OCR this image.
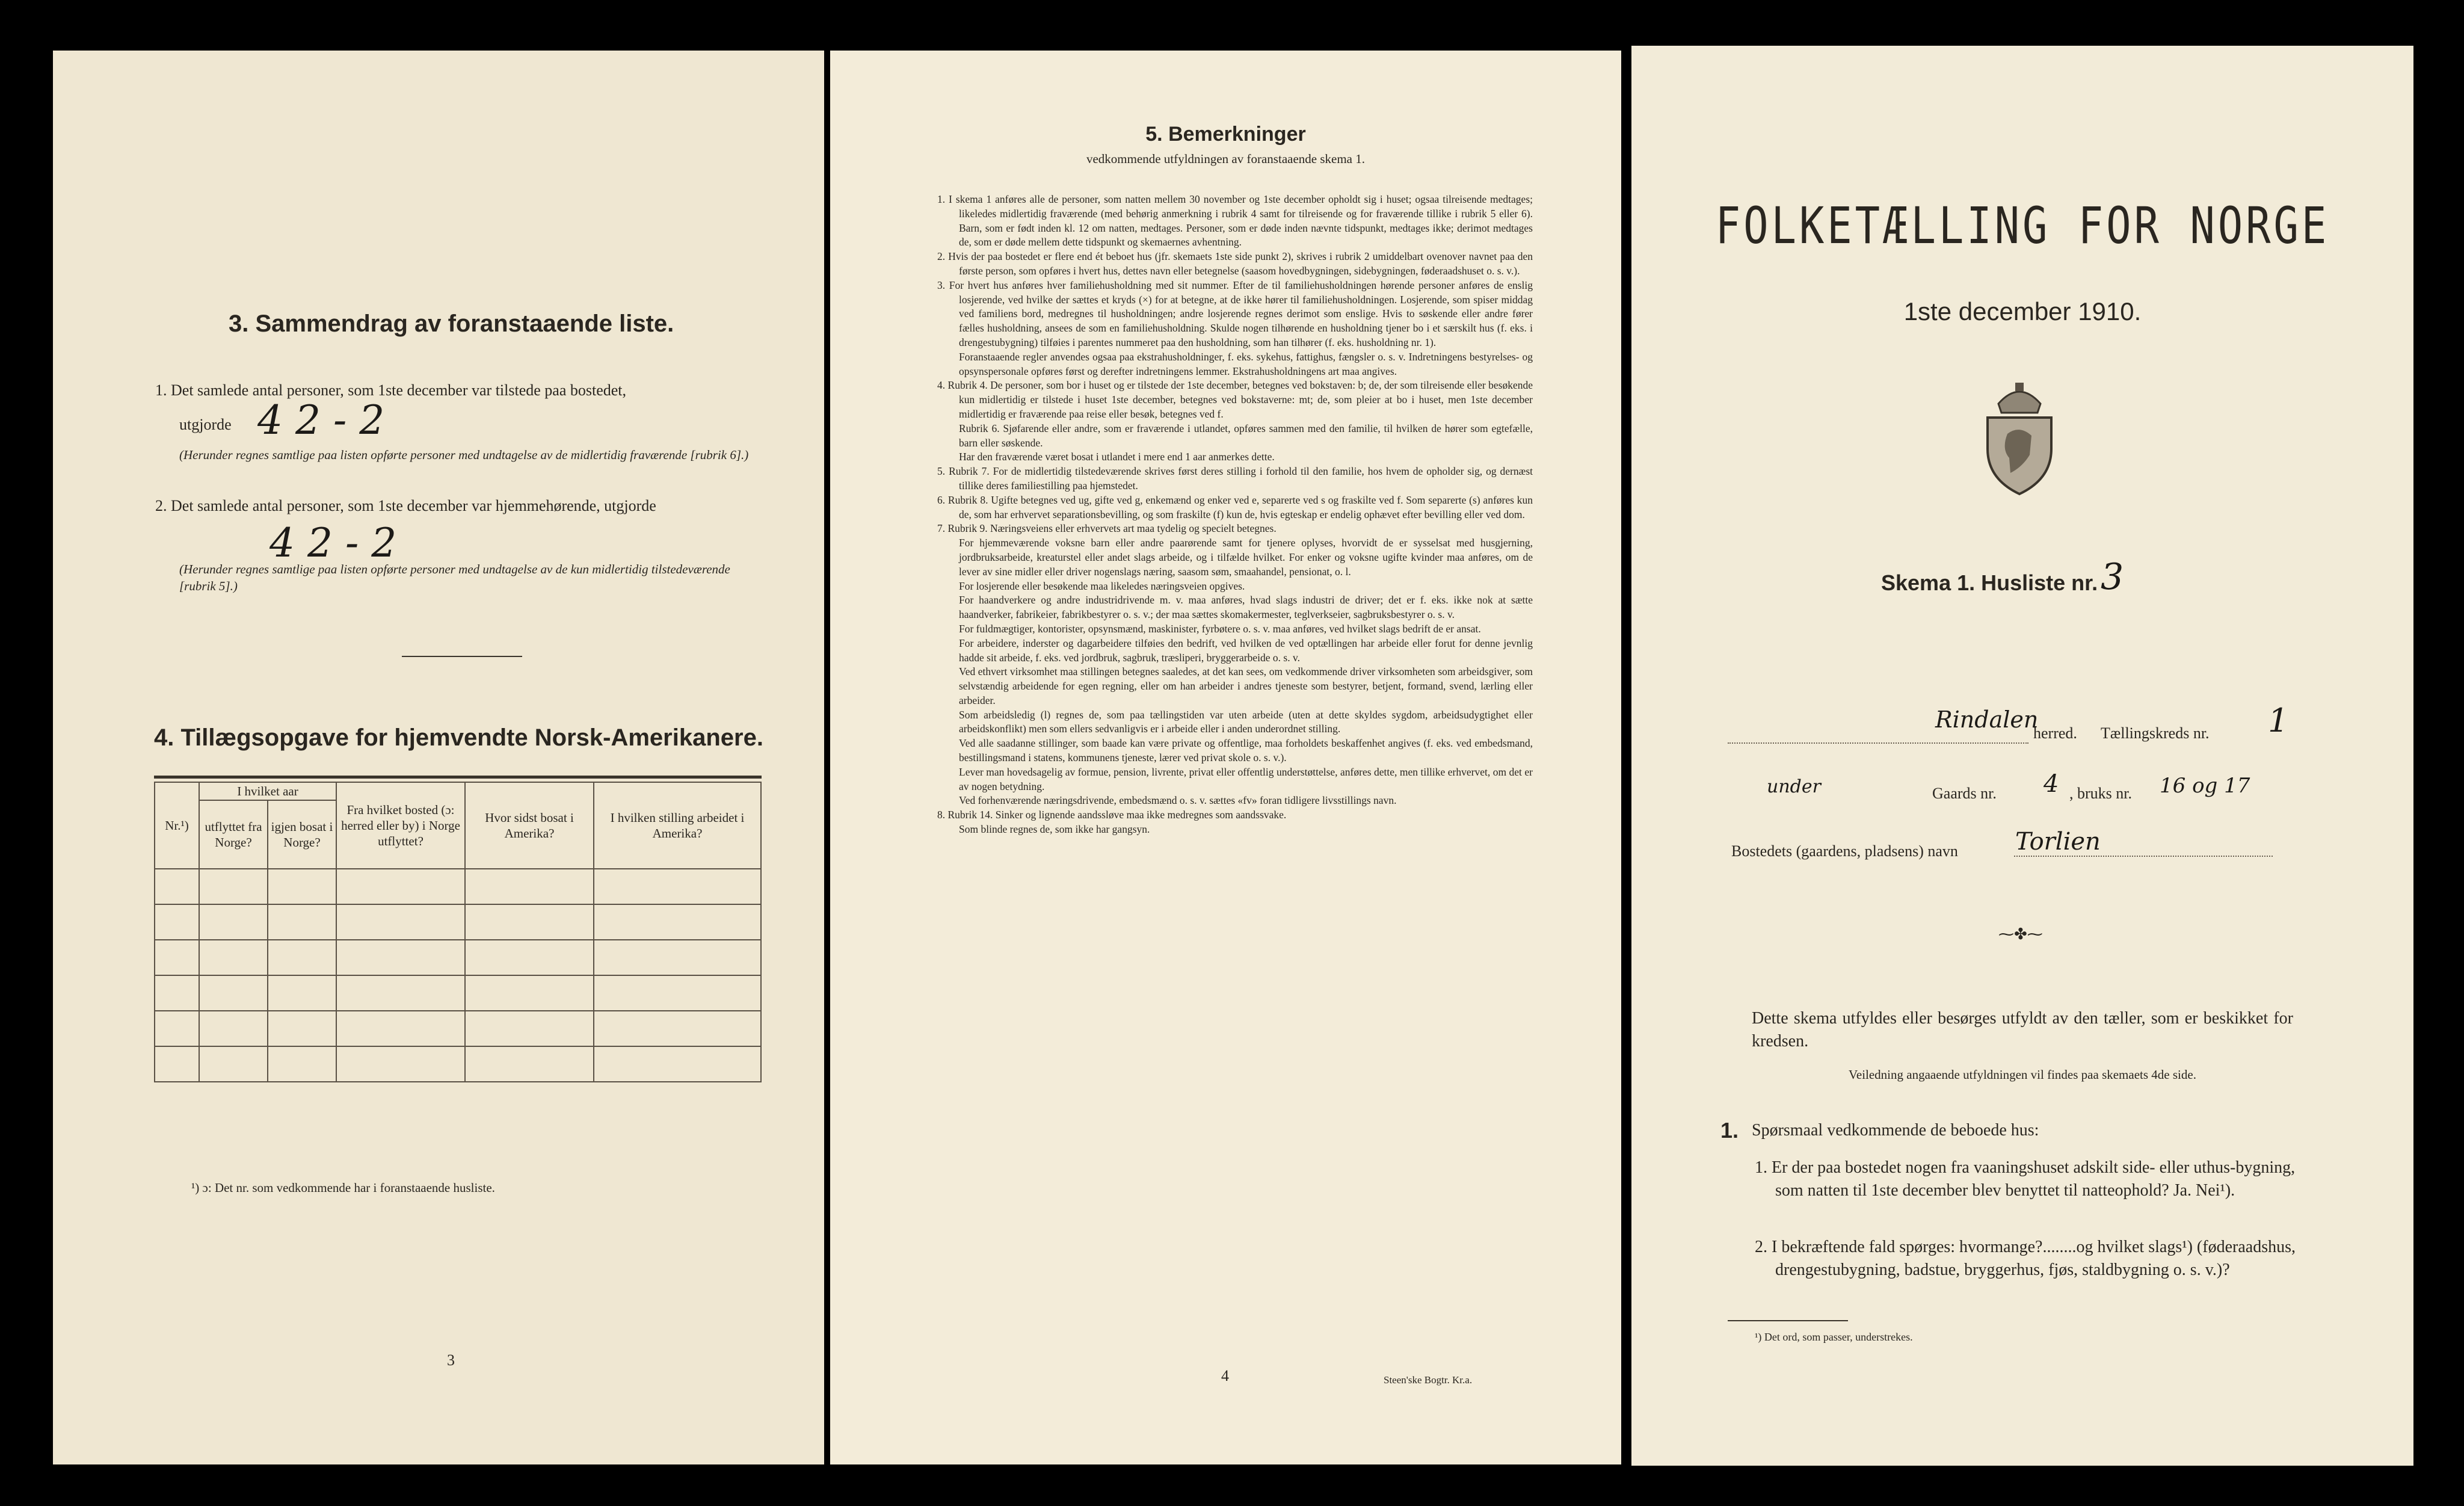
3. Sammendrag av foranstaaende liste.
1. Det samlede antal personer, som 1ste december var tilstede paa bostedet,
utgjorde 4 2 - 2
(Herunder regnes samtlige paa listen opførte personer med undtagelse av de midlertidig fraværende [rubrik 6].)
2. Det samlede antal personer, som 1ste december var hjemmehørende, utgjorde
4 2 - 2
(Herunder regnes samtlige paa listen opførte personer med undtagelse av de kun midlertidig tilstedeværende [rubrik 5].)
4. Tillægsopgave for hjemvendte Norsk-Amerikanere.
Nr.¹)	I hvilket aar		Fra hvilket bosted (ɔ: herred eller by) i Norge utflyttet?	Hvor sidst bosat i Amerika?	I hvilken stilling arbeidet i Amerika?
	utflyttet fra Norge?	igjen bosat i Norge?			

¹) ɔ: Det nr. som vedkommende har i foranstaaende husliste.
3
5. Bemerkninger
vedkommende utfyldningen av foranstaaende skema 1.

1. I skema 1 anføres alle de personer, som natten mellem 30 november og 1ste december opholdt sig i huset; ogsaa tilreisende medtages; likeledes midlertidig fraværende (med behørig anmerkning i rubrik 4 samt for tilreisende og for fraværende tillike i rubrik 5 eller 6). Barn, som er født inden kl. 12 om natten, medtages. Personer, som er døde inden nævnte tidspunkt, medtages ikke; derimot medtages de, som er døde mellem dette tidspunkt og skemaernes avhentning.

2. Hvis der paa bostedet er flere end ét beboet hus (jfr. skemaets 1ste side punkt 2), skrives i rubrik 2 umiddelbart ovenover navnet paa den første person, som opføres i hvert hus, dettes navn eller betegnelse (saasom hovedbygningen, sidebygningen, føderaadshuset o. s. v.).

3. For hvert hus anføres hver familiehusholdning med sit nummer. Efter de til familiehusholdningen hørende personer anføres de enslig losjerende, ved hvilke der sættes et kryds (×) for at betegne, at de ikke hører til familiehusholdningen. Losjerende, som spiser middag ved familiens bord, medregnes til husholdningen; andre losjerende regnes derimot som enslige. Hvis to søskende eller andre fører fælles husholdning, ansees de som en familiehusholdning. Skulde nogen tilhørende en husholdning tjener bo i et særskilt hus (f. eks. i drengestubygning) tilføies i parentes nummeret paa den husholdning, som han tilhører (f. eks. husholdning nr. 1).

Foranstaaende regler anvendes ogsaa paa ekstrahusholdninger, f. eks. sykehus, fattighus, fængsler o. s. v. Indretningens bestyrelses- og opsynspersonale opføres først og derefter indretningens lemmer. Ekstrahusholdningens art maa angives.

4. Rubrik 4. De personer, som bor i huset og er tilstede der 1ste december, betegnes ved bokstaven: b; de, der som tilreisende eller besøkende kun midlertidig er tilstede i huset 1ste december, betegnes ved bokstaverne: mt; de, som pleier at bo i huset, men 1ste december midlertidig er fraværende paa reise eller besøk, betegnes ved f.

Rubrik 6. Sjøfarende eller andre, som er fraværende i utlandet, opføres sammen med den familie, til hvilken de hører som egtefælle, barn eller søskende.

Har den fraværende været bosat i utlandet i mere end 1 aar anmerkes dette.

5. Rubrik 7. For de midlertidig tilstedeværende skrives først deres stilling i forhold til den familie, hos hvem de opholder sig, og dernæst tillike deres familiestilling paa hjemstedet.

6. Rubrik 8. Ugifte betegnes ved ug, gifte ved g, enkemænd og enker ved e, separerte ved s og fraskilte ved f. Som separerte (s) anføres kun de, som har erhvervet separationsbevilling, og som fraskilte (f) kun de, hvis egteskap er endelig ophævet efter bevilling eller ved dom.

7. Rubrik 9. Næringsveiens eller erhvervets art maa tydelig og specielt betegnes.

For hjemmeværende voksne barn eller andre paarørende samt for tjenere oplyses, hvorvidt de er sysselsat med husgjerning, jordbruksarbeide, kreaturstel eller andet slags arbeide, og i tilfælde hvilket. For enker og voksne ugifte kvinder maa anføres, om de lever av sine midler eller driver nogenslags næring, saasom søm, smaahandel, pensionat, o. l.

For losjerende eller besøkende maa likeledes næringsveien opgives.

For haandverkere og andre industridrivende m. v. maa anføres, hvad slags industri de driver; det er f. eks. ikke nok at sætte haandverker, fabrikeier, fabrikbestyrer o. s. v.; der maa sættes skomakermester, teglverkseier, sagbruksbestyrer o. s. v.

For fuldmægtiger, kontorister, opsynsmænd, maskinister, fyrbøtere o. s. v. maa anføres, ved hvilket slags bedrift de er ansat.

For arbeidere, inderster og dagarbeidere tilføies den bedrift, ved hvilken de ved optællingen har arbeide eller forut for denne jevnlig hadde sit arbeide, f. eks. ved jordbruk, sagbruk, træsliperi, bryggerarbeide o. s. v.

Ved ethvert virksomhet maa stillingen betegnes saaledes, at det kan sees, om vedkommende driver virksomheten som arbeidsgiver, som selvstændig arbeidende for egen regning, eller om han arbeider i andres tjeneste som bestyrer, betjent, formand, svend, lærling eller arbeider.

Som arbeidsledig (l) regnes de, som paa tællingstiden var uten arbeide (uten at dette skyldes sygdom, arbeidsudygtighet eller arbeidskonflikt) men som ellers sedvanligvis er i arbeide eller i anden underordnet stilling.

Ved alle saadanne stillinger, som baade kan være private og offentlige, maa forholdets beskaffenhet angives (f. eks. ved embedsmand, bestillingsmand i statens, kommunens tjeneste, lærer ved privat skole o. s. v.).

Lever man hovedsagelig av formue, pension, livrente, privat eller offentlig understøttelse, anføres dette, men tillike erhvervet, om det er av nogen betydning.

Ved forhenværende næringsdrivende, embedsmænd o. s. v. sættes «fv» foran tidligere livsstillings navn.

8. Rubrik 14. Sinker og lignende aandssløve maa ikke medregnes som aandssvake.

Som blinde regnes de, som ikke har gangsyn.

4	Steen'ske Bogtr. Kr.a.
FOLKETÆLLING FOR NORGE
1ste december 1910.
Skema 1. Husliste nr. 3
Rindalen
herred. Tællingskreds nr. 1
under	Gaards nr. 4 , bruks nr. 16 og 17
Bostedets (gaardens, pladsens) navn Torlien
⁓✤⁓
Dette skema utfyldes eller besørges utfyldt av den tæller, som er beskikket for kredsen.
Veiledning angaaende utfyldningen vil findes paa skemaets 4de side.
1. Spørsmaal vedkommende de beboede hus:
1. Er der paa bostedet nogen fra vaaningshuset adskilt side- eller uthus-bygning, som natten til 1ste december blev benyttet til natteophold? Ja. Nei¹).
2. I bekræftende fald spørges: hvormange?........og hvilket slags¹) (føderaadshus, drengestubygning, badstue, bryggerhus, fjøs, staldbygning o. s. v.)?
¹) Det ord, som passer, understrekes.
